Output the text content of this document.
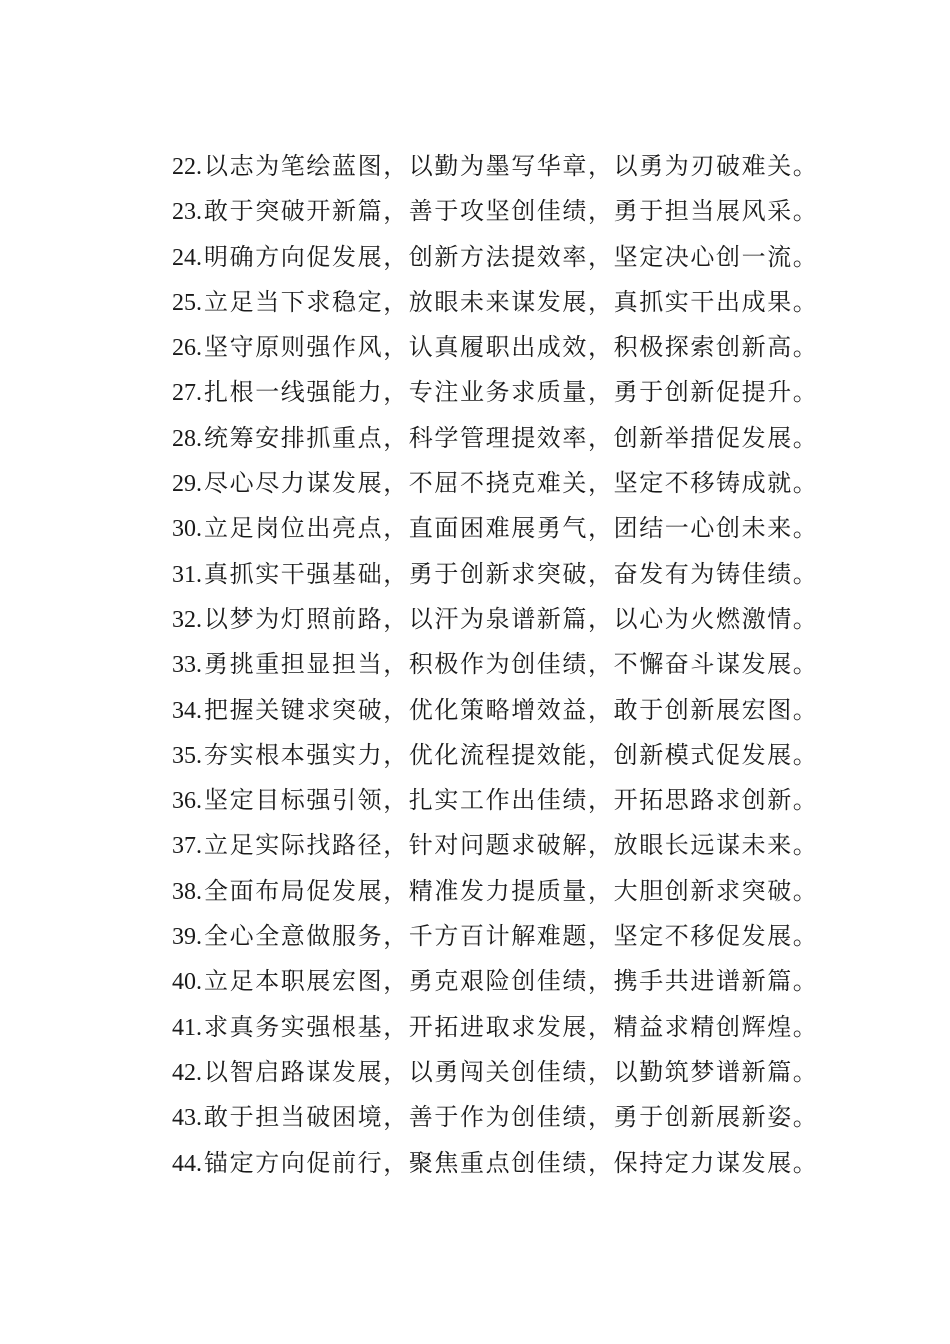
22.以志为笔绘蓝图，以勤为墨写华章，以勇为刃破难关。
23.敢于突破开新篇，善于攻坚创佳绩，勇于担当展风采。
24.明确方向促发展，创新方法提效率，坚定决心创一流。
25.立足当下求稳定，放眼未来谋发展，真抓实干出成果。
26.坚守原则强作风，认真履职出成效，积极探索创新高。
27.扎根一线强能力，专注业务求质量，勇于创新促提升。
28.统筹安排抓重点，科学管理提效率，创新举措促发展。
29.尽心尽力谋发展，不屈不挠克难关，坚定不移铸成就。
30.立足岗位出亮点，直面困难展勇气，团结一心创未来。
31.真抓实干强基础，勇于创新求突破，奋发有为铸佳绩。
32.以梦为灯照前路，以汗为泉谱新篇，以心为火燃激情。
33.勇挑重担显担当，积极作为创佳绩，不懈奋斗谋发展。
34.把握关键求突破，优化策略增效益，敢于创新展宏图。
35.夯实根本强实力，优化流程提效能，创新模式促发展。
36.坚定目标强引领，扎实工作出佳绩，开拓思路求创新。
37.立足实际找路径，针对问题求破解，放眼长远谋未来。
38.全面布局促发展，精准发力提质量，大胆创新求突破。
39.全心全意做服务，千方百计解难题，坚定不移促发展。
40.立足本职展宏图，勇克艰险创佳绩，携手共进谱新篇。
41.求真务实强根基，开拓进取求发展，精益求精创辉煌。
42.以智启路谋发展，以勇闯关创佳绩，以勤筑梦谱新篇。
43.敢于担当破困境，善于作为创佳绩，勇于创新展新姿。
44.锚定方向促前行，聚焦重点创佳绩，保持定力谋发展。
